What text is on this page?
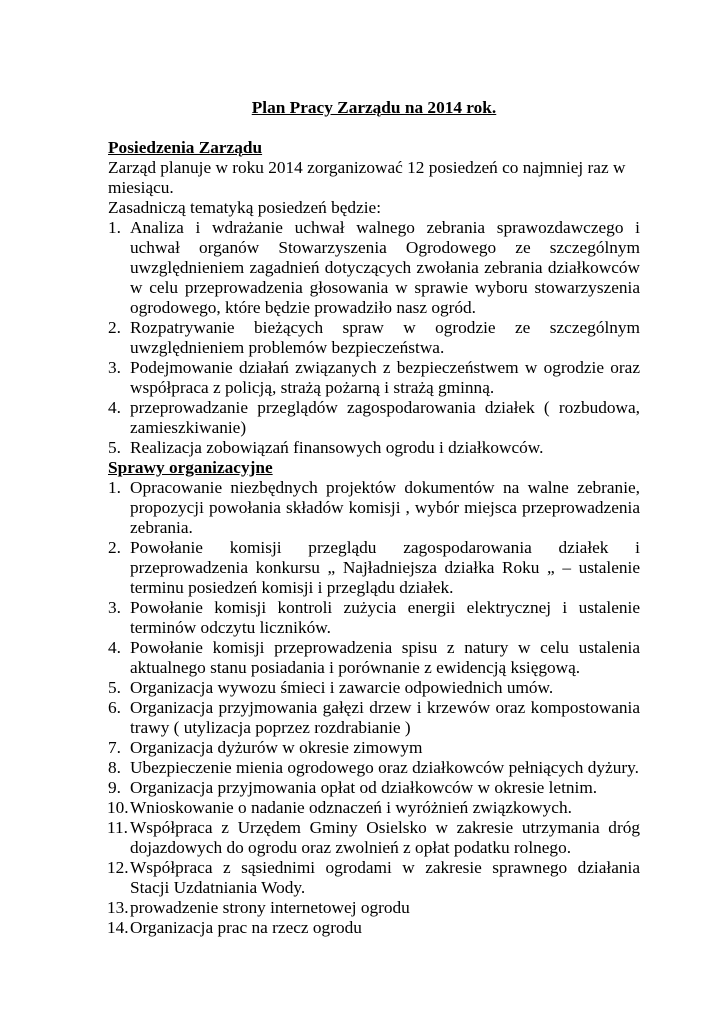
Plan Pracy Zarządu na 2014 rok.

Posiedzenia Zarządu

Zarząd planuje w roku 2014 zorganizować 12 posiedzeń co najmniej raz w miesiącu.

Zasadniczą tematyką posiedzeń będzie:

1. Analiza i wdrażanie uchwał walnego zebrania sprawozdawczego i uchwał organów Stowarzyszenia Ogrodowego ze szczególnym uwzględnieniem zagadnień dotyczących zwołania zebrania działkowców w celu przeprowadzenia głosowania w sprawie wyboru stowarzyszenia ogrodowego, które będzie prowadziło nasz ogród.
2. Rozpatrywanie bieżących spraw w ogrodzie ze szczególnym uwzględnieniem problemów bezpieczeństwa.
3. Podejmowanie działań związanych z bezpieczeństwem w ogrodzie oraz współpraca z policją, strażą pożarną i strażą gminną.
4. przeprowadzanie przeglądów zagospodarowania działek ( rozbudowa, zamieszkiwanie)
5. Realizacja zobowiązań finansowych ogrodu i działkowców.

Sprawy organizacyjne

1. Opracowanie niezbędnych projektów dokumentów na walne zebranie, propozycji powołania składów komisji , wybór miejsca przeprowadzenia zebrania.
2. Powołanie komisji przeglądu zagospodarowania działek i przeprowadzenia konkursu „ Najładniejsza działka Roku „ – ustalenie terminu posiedzeń komisji i przeglądu działek.
3. Powołanie komisji kontroli zużycia energii elektrycznej i ustalenie terminów odczytu liczników.
4. Powołanie komisji przeprowadzenia spisu z natury w celu ustalenia aktualnego stanu posiadania i porównanie z ewidencją księgową.
5. Organizacja wywozu śmieci i zawarcie odpowiednich umów.
6. Organizacja przyjmowania gałęzi drzew i krzewów oraz kompostowania trawy ( utylizacja poprzez rozdrabianie )
7. Organizacja dyżurów w okresie zimowym
8. Ubezpieczenie mienia ogrodowego oraz działkowców pełniących dyżury.
9. Organizacja przyjmowania opłat od działkowców w okresie letnim.
10. Wnioskowanie o nadanie odznaczeń i wyróżnień związkowych.
11. Współpraca z Urzędem Gminy Osielsko w zakresie utrzymania dróg dojazdowych do ogrodu oraz zwolnień z opłat podatku rolnego.
12. Współpraca z sąsiednimi ogrodami w zakresie sprawnego działania Stacji Uzdatniania Wody.
13. prowadzenie strony internetowej ogrodu
14. Organizacja prac na rzecz ogrodu
